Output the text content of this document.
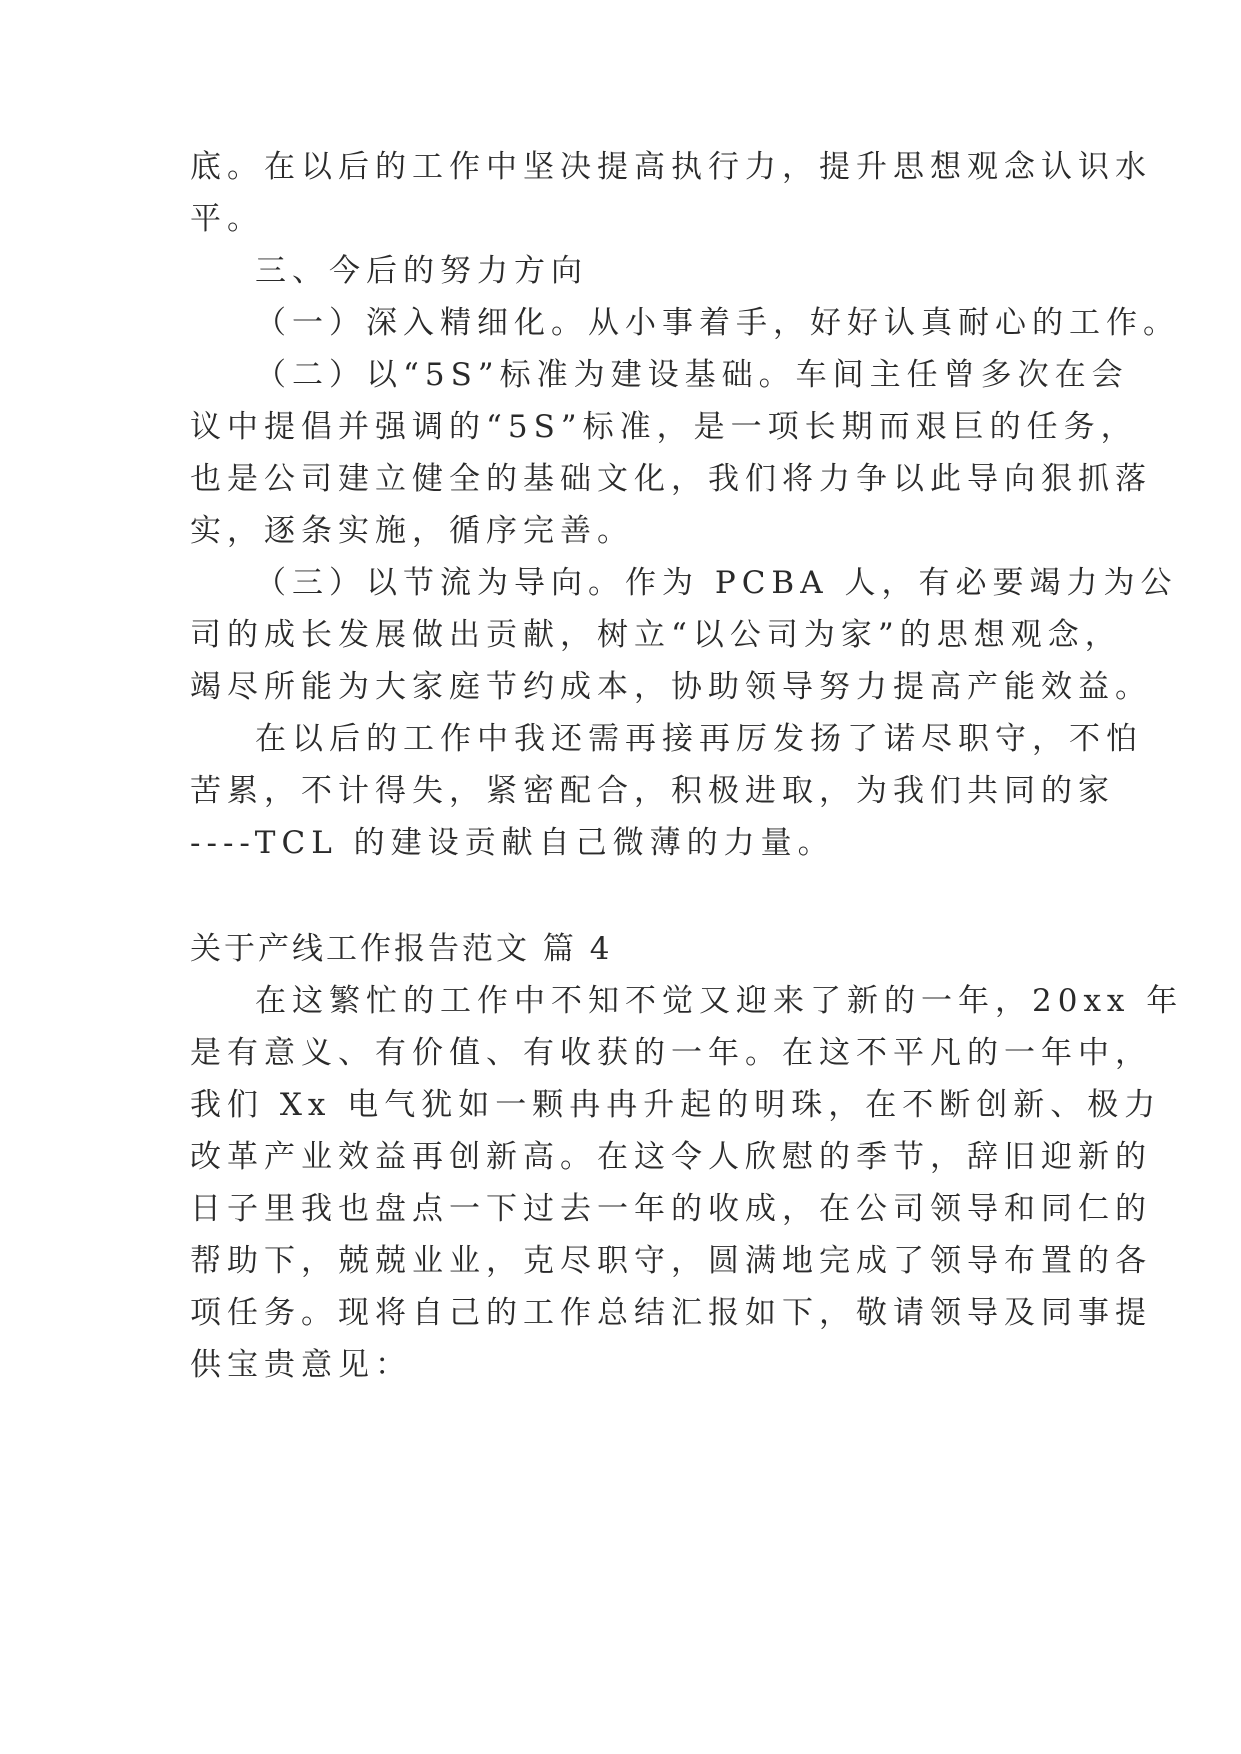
底。在以后的工作中坚决提高执行力，提升思想观念认识水
平。
三、今后的努力方向
（一）深入精细化。从小事着手，好好认真耐心的工作。
（二）以“5S”标准为建设基础。车间主任曾多次在会
议中提倡并强调的“5S”标准，是一项长期而艰巨的任务，
也是公司建立健全的基础文化，我们将力争以此导向狠抓落
实，逐条实施，循序完善。
（三）以节流为导向。作为 PCBA 人，有必要竭力为公
司的成长发展做出贡献，树立“以公司为家”的思想观念，
竭尽所能为大家庭节约成本，协助领导努力提高产能效益。
在以后的工作中我还需再接再厉发扬了诺尽职守，不怕
苦累，不计得失，紧密配合，积极进取，为我们共同的家
----TCL 的建设贡献自己微薄的力量。
关于产线工作报告范文 篇 4
在这繁忙的工作中不知不觉又迎来了新的一年，20xx 年
是有意义、有价值、有收获的一年。在这不平凡的一年中，
我们 Xx 电气犹如一颗冉冉升起的明珠，在不断创新、极力
改革产业效益再创新高。在这令人欣慰的季节，辞旧迎新的
日子里我也盘点一下过去一年的收成，在公司领导和同仁的
帮助下，兢兢业业，克尽职守，圆满地完成了领导布置的各
项任务。现将自己的工作总结汇报如下，敬请领导及同事提
供宝贵意见：
